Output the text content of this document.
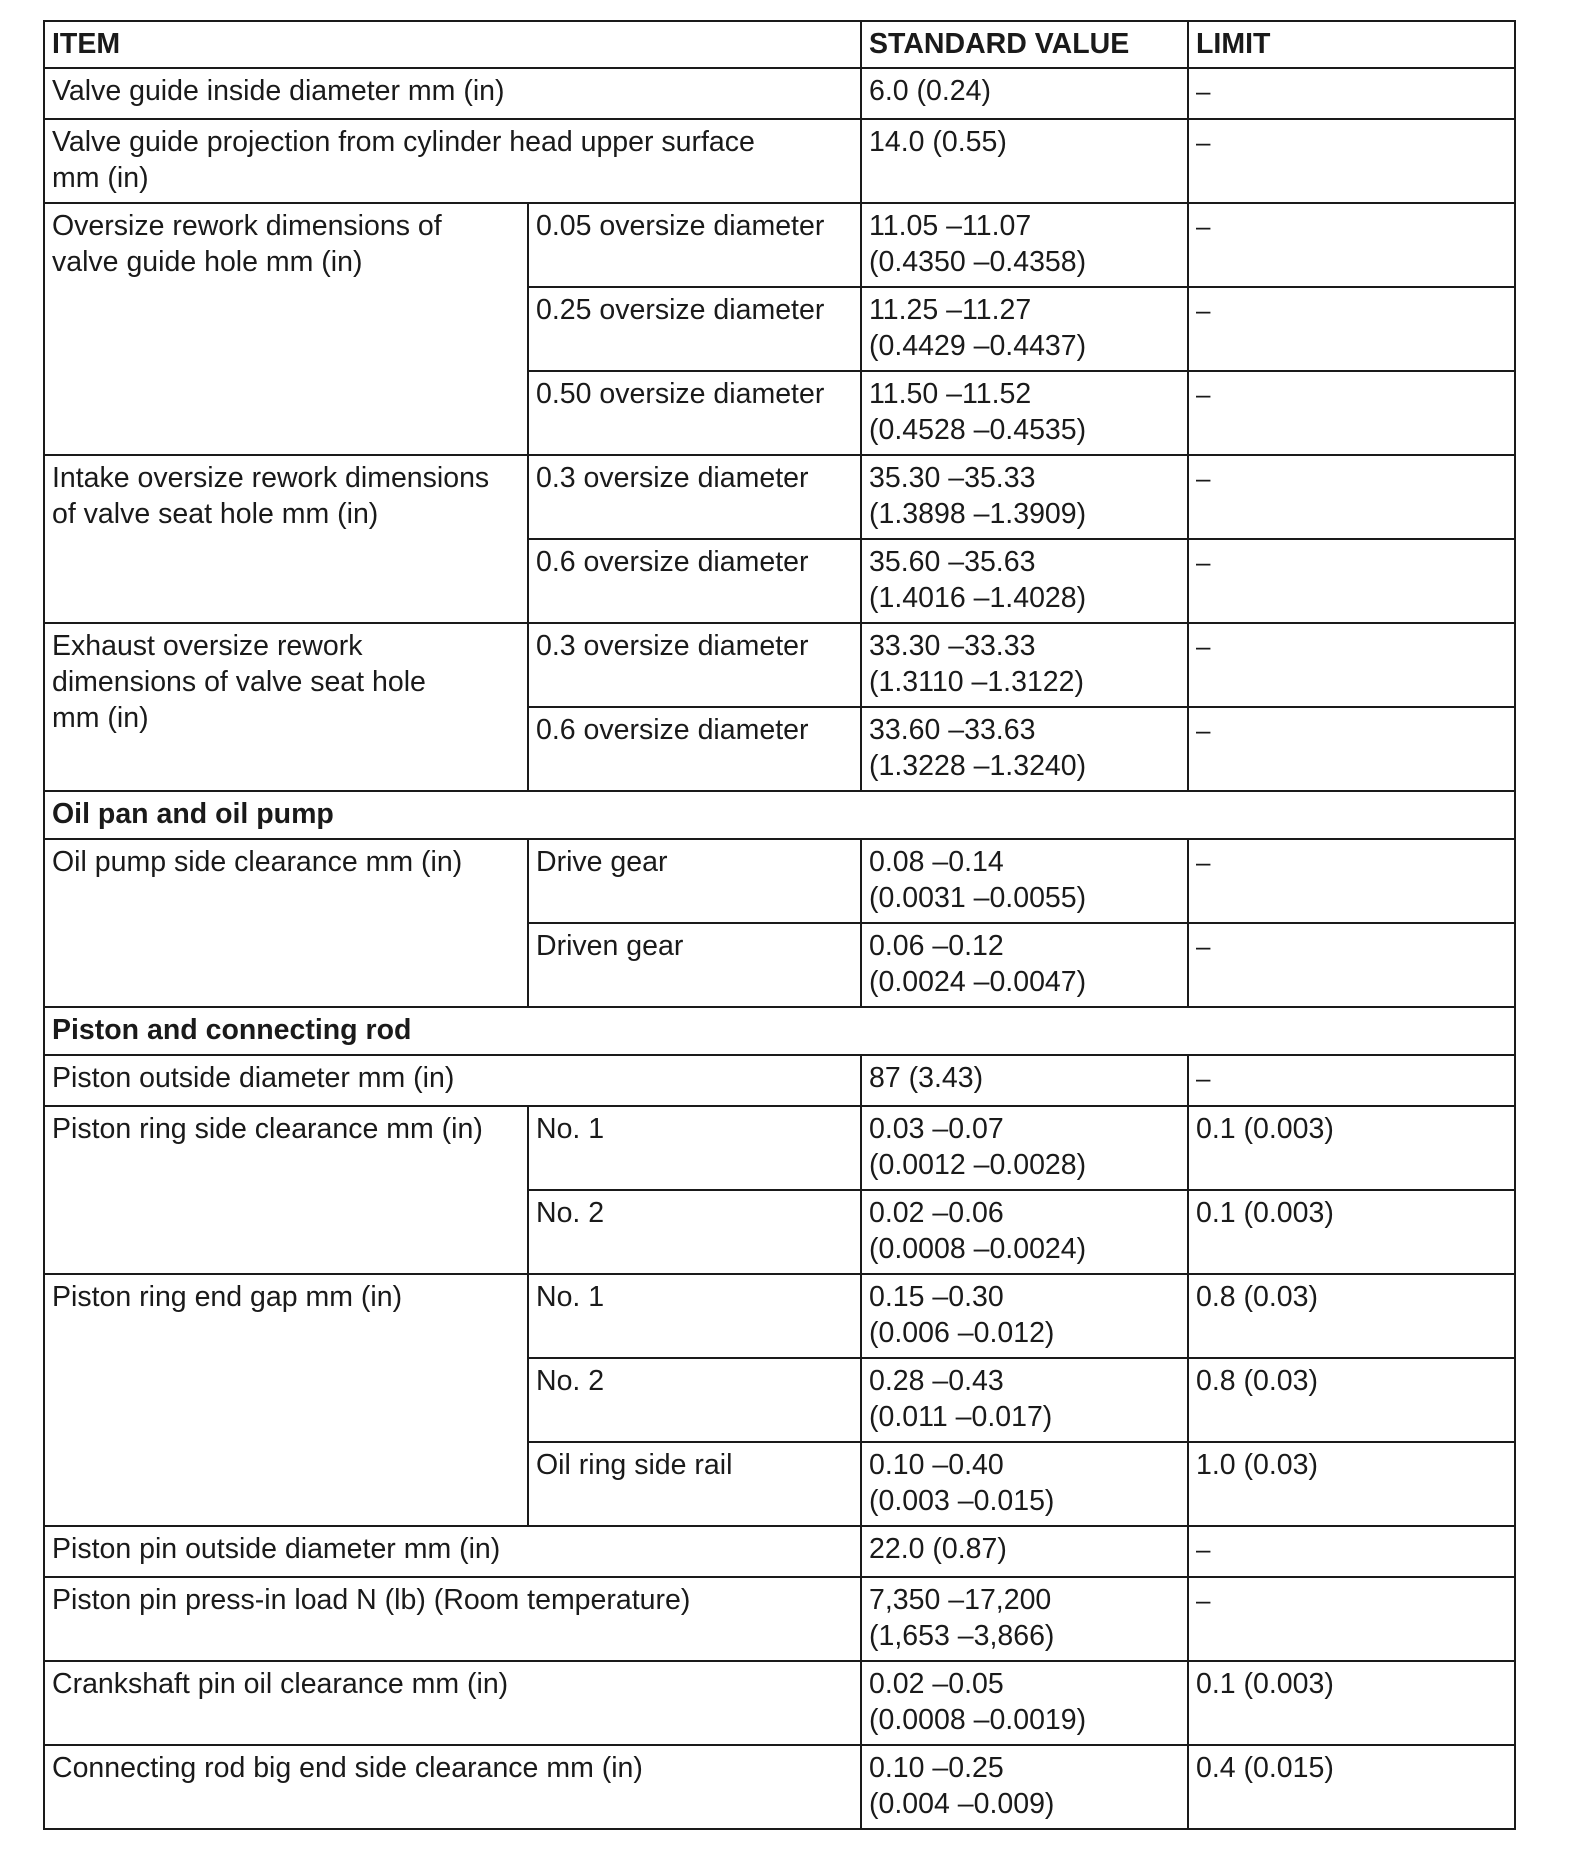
ITEM		STANDARD VALUE	LIMIT
Valve guide inside diameter mm (in)		6.0 (0.24)	–

Valve guide projection from cylinder head upper surface
mm (in)		14.0 (0.55)	–

Oversize rework dimensions of
valve guide hole mm (in)	0.05 oversize diameter	11.05 –11.07
(0.4350 –0.4358)	–
	0.25 oversize diameter	11.25 –11.27
(0.4429 –0.4437)	–
	0.50 oversize diameter	11.50 –11.52
(0.4528 –0.4535)	–

Intake oversize rework dimensions
of valve seat hole mm (in)	0.3 oversize diameter	35.30 –35.33
(1.3898 –1.3909)	–
	0.6 oversize diameter	35.60 –35.63
(1.4016 –1.4028)	–

Exhaust oversize rework
dimensions of valve seat hole
mm (in)	0.3 oversize diameter	33.30 –33.33
(1.3110 –1.3122)	–
	0.6 oversize diameter	33.60 –33.63
(1.3228 –1.3240)	–
Oil pan and oil pump			
Oil pump side clearance mm (in)	Drive gear	0.08 –0.14
(0.0031 –0.0055)	–
	Driven gear	0.06 –0.12
(0.0024 –0.0047)	–
Piston and connecting rod			
Piston outside diameter mm (in)		87 (3.43)	–
Piston ring side clearance mm (in)	No. 1	0.03 –0.07
(0.0012 –0.0028)	0.1 (0.003)
	No. 2	0.02 –0.06
(0.0008 –0.0024)	0.1 (0.003)
Piston ring end gap mm (in)	No. 1	0.15 –0.30
(0.006 –0.012)	0.8 (0.03)
	No. 2	0.28 –0.43
(0.011 –0.017)	0.8 (0.03)
	Oil ring side rail	0.10 –0.40
(0.003 –0.015)	1.0 (0.03)
Piston pin outside diameter mm (in)		22.0 (0.87)	–
Piston pin press-in load N (lb) (Room temperature)		7,350 –17,200
(1,653 –3,866)	–
Crankshaft pin oil clearance mm (in)		0.02 –0.05
(0.0008 –0.0019)	0.1 (0.003)
Connecting rod big end side clearance mm (in)		0.10 –0.25
(0.004 –0.009)	0.4 (0.015)
